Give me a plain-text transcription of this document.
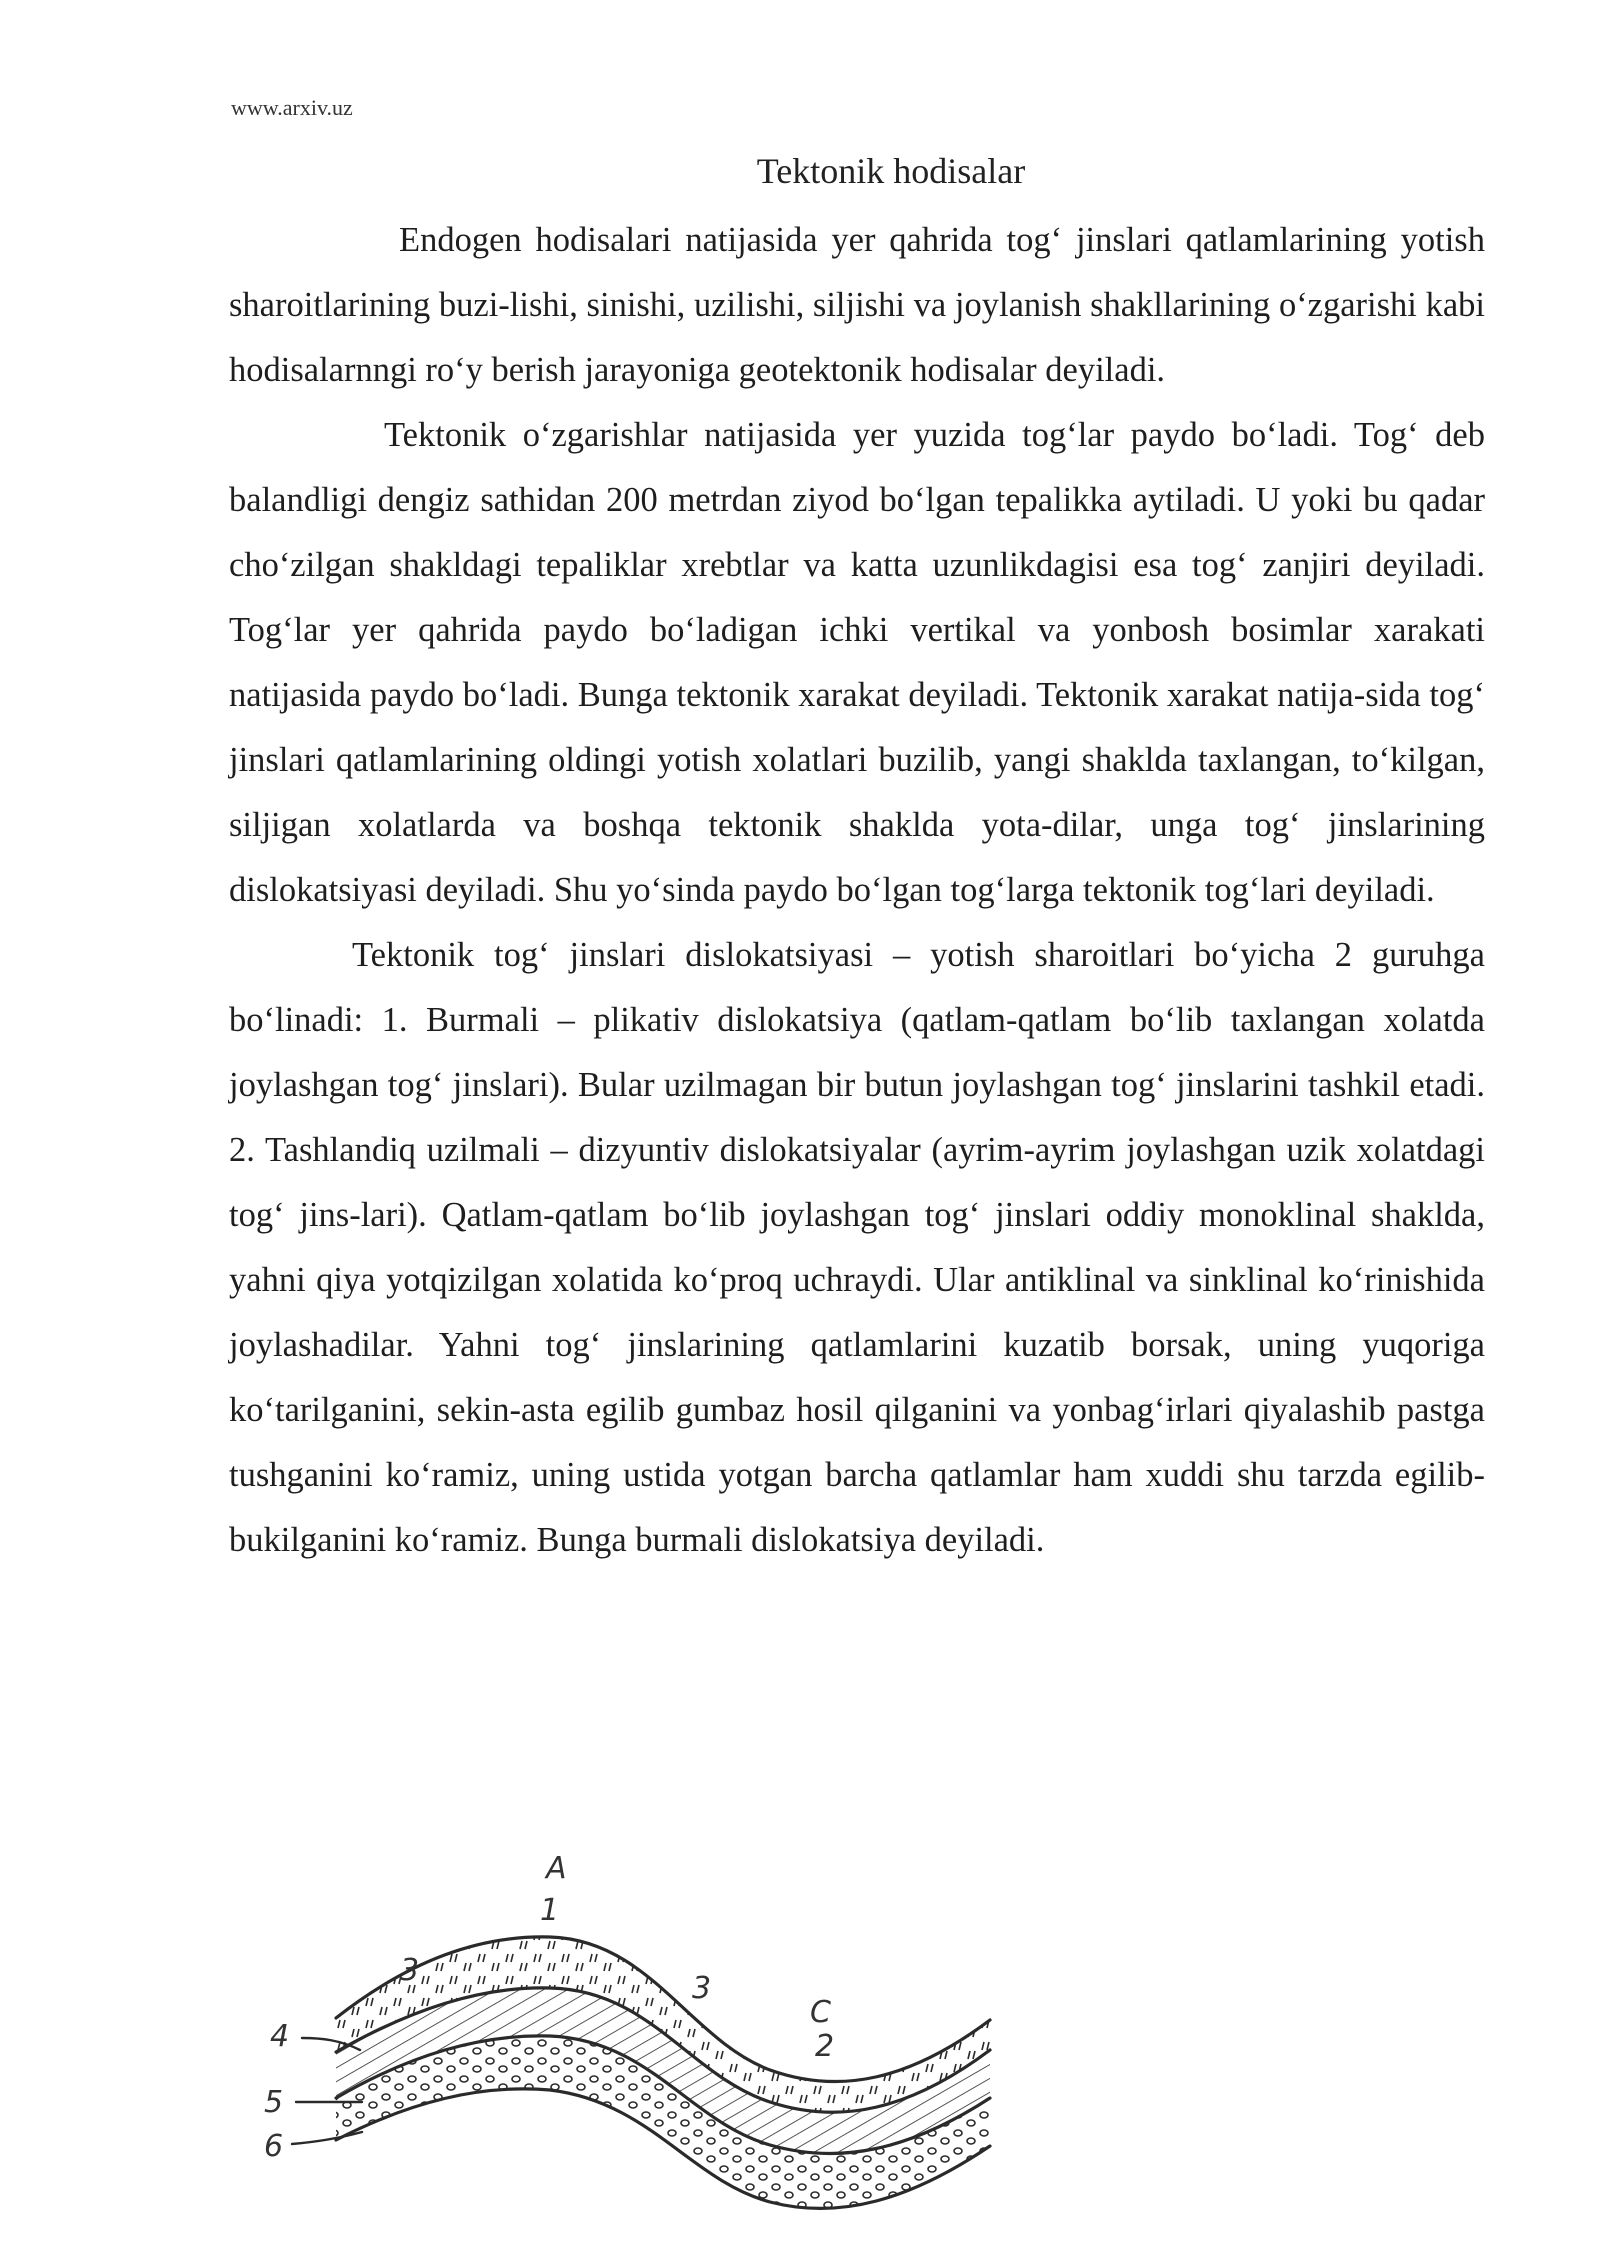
www.arxiv.uz
Tektonik hodisalar

Endogen hodisalari natijasida yer qahrida tog‘ jinslari qatlamlarining yotish sharoitlarining buzi-lishi, sinishi, uzilishi, siljishi va joylanish shakllarining o‘zgarishi kabi hodisalarnngi ro‘y berish jarayoniga geotektonik hodisalar deyiladi.

Tektonik o‘zgarishlar natijasida yer yuzida tog‘lar paydo bo‘ladi. Tog‘ deb balandligi dengiz sathidan 200 metrdan ziyod bo‘lgan tepalikka aytiladi. U yoki bu qadar cho‘zilgan shakldagi tepaliklar xrebtlar va katta uzunlikdagisi esa tog‘ zanjiri deyiladi. Tog‘lar yer qahrida paydo bo‘ladigan ichki vertikal va yonbosh bosimlar xarakati natijasida paydo bo‘ladi. Bunga tektonik xarakat deyiladi. Tektonik xarakat natija-sida tog‘ jinslari qatlamlarining oldingi yotish xolatlari buzilib, yangi shaklda taxlangan, to‘kilgan, siljigan xolatlarda va boshqa tektonik shaklda yota-dilar, unga tog‘ jinslarining dislokatsiyasi deyiladi. Shu yo‘sinda paydo bo‘lgan tog‘larga tektonik tog‘lari deyiladi.

Tektonik tog‘ jinslari dislokatsiyasi – yotish sharoitlari bo‘yicha 2 guruhga bo‘linadi: 1. Burmali – plikativ dislokatsiya (qatlam-qatlam bo‘lib taxlangan xolatda joylashgan tog‘ jinslari). Bular uzilmagan bir butun joylashgan tog‘ jinslarini tashkil etadi. 2. Tashlandiq uzilmali – dizyuntiv dislokatsiyalar (ayrim-ayrim joylashgan uzik xolatdagi tog‘ jins-lari). Qatlam-qatlam bo‘lib joylashgan tog‘ jinslari oddiy monoklinal shaklda, yahni qiya yotqizilgan xolatida ko‘proq uchraydi. Ular antiklinal va sinklinal ko‘rinishida joylashadilar. Yahni tog‘ jinslarining qatlamlarini kuzatib borsak, uning yuqoriga ko‘tarilganini, sekin-asta egilib gumbaz hosil qilganini va yonbag‘irlari qiyalashib pastga tushganini ko‘ramiz, uning ustida yotgan barcha qatlamlar ham xuddi shu tarzda egilib-bukilganini ko‘ramiz. Bunga burmali dislokatsiya deyiladi.

A
1
3
3
C
2
4
5
6
